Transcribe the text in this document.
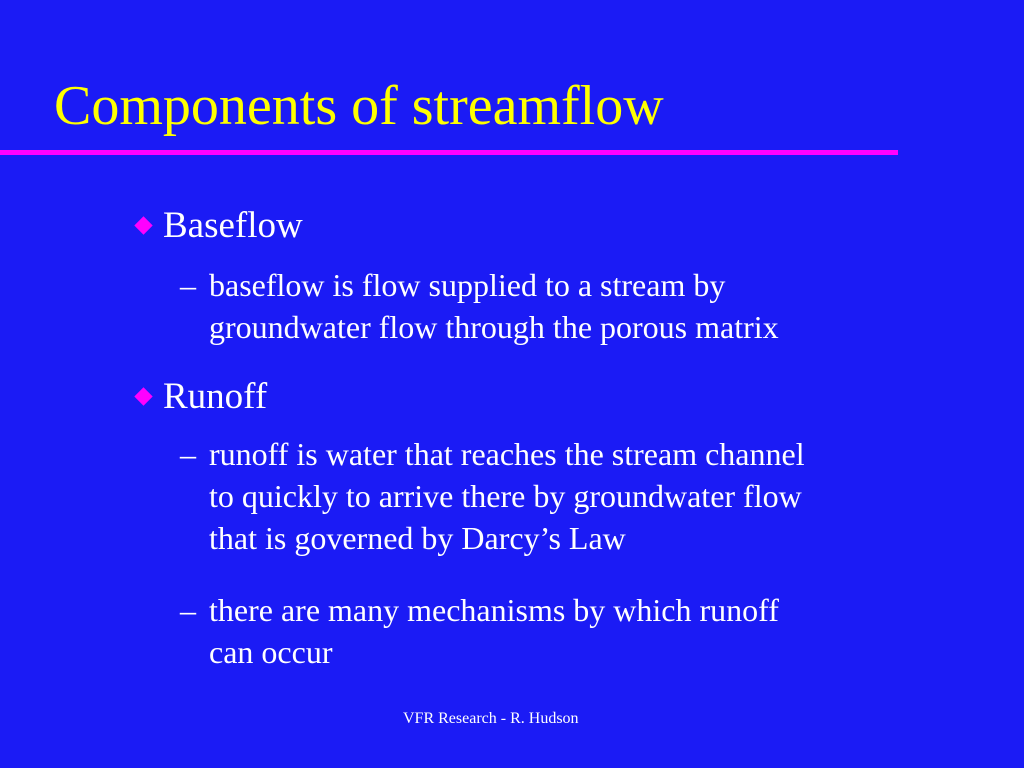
Components of streamflow
Baseflow
– baseflow is flow supplied to a stream by
groundwater flow through the porous matrix
Runoff
– runoff is water that reaches the stream channel
to quickly to arrive there by groundwater flow
that is governed by Darcy’s Law
– there are many mechanisms by which runoff
can occur
VFR Research - R. Hudson
